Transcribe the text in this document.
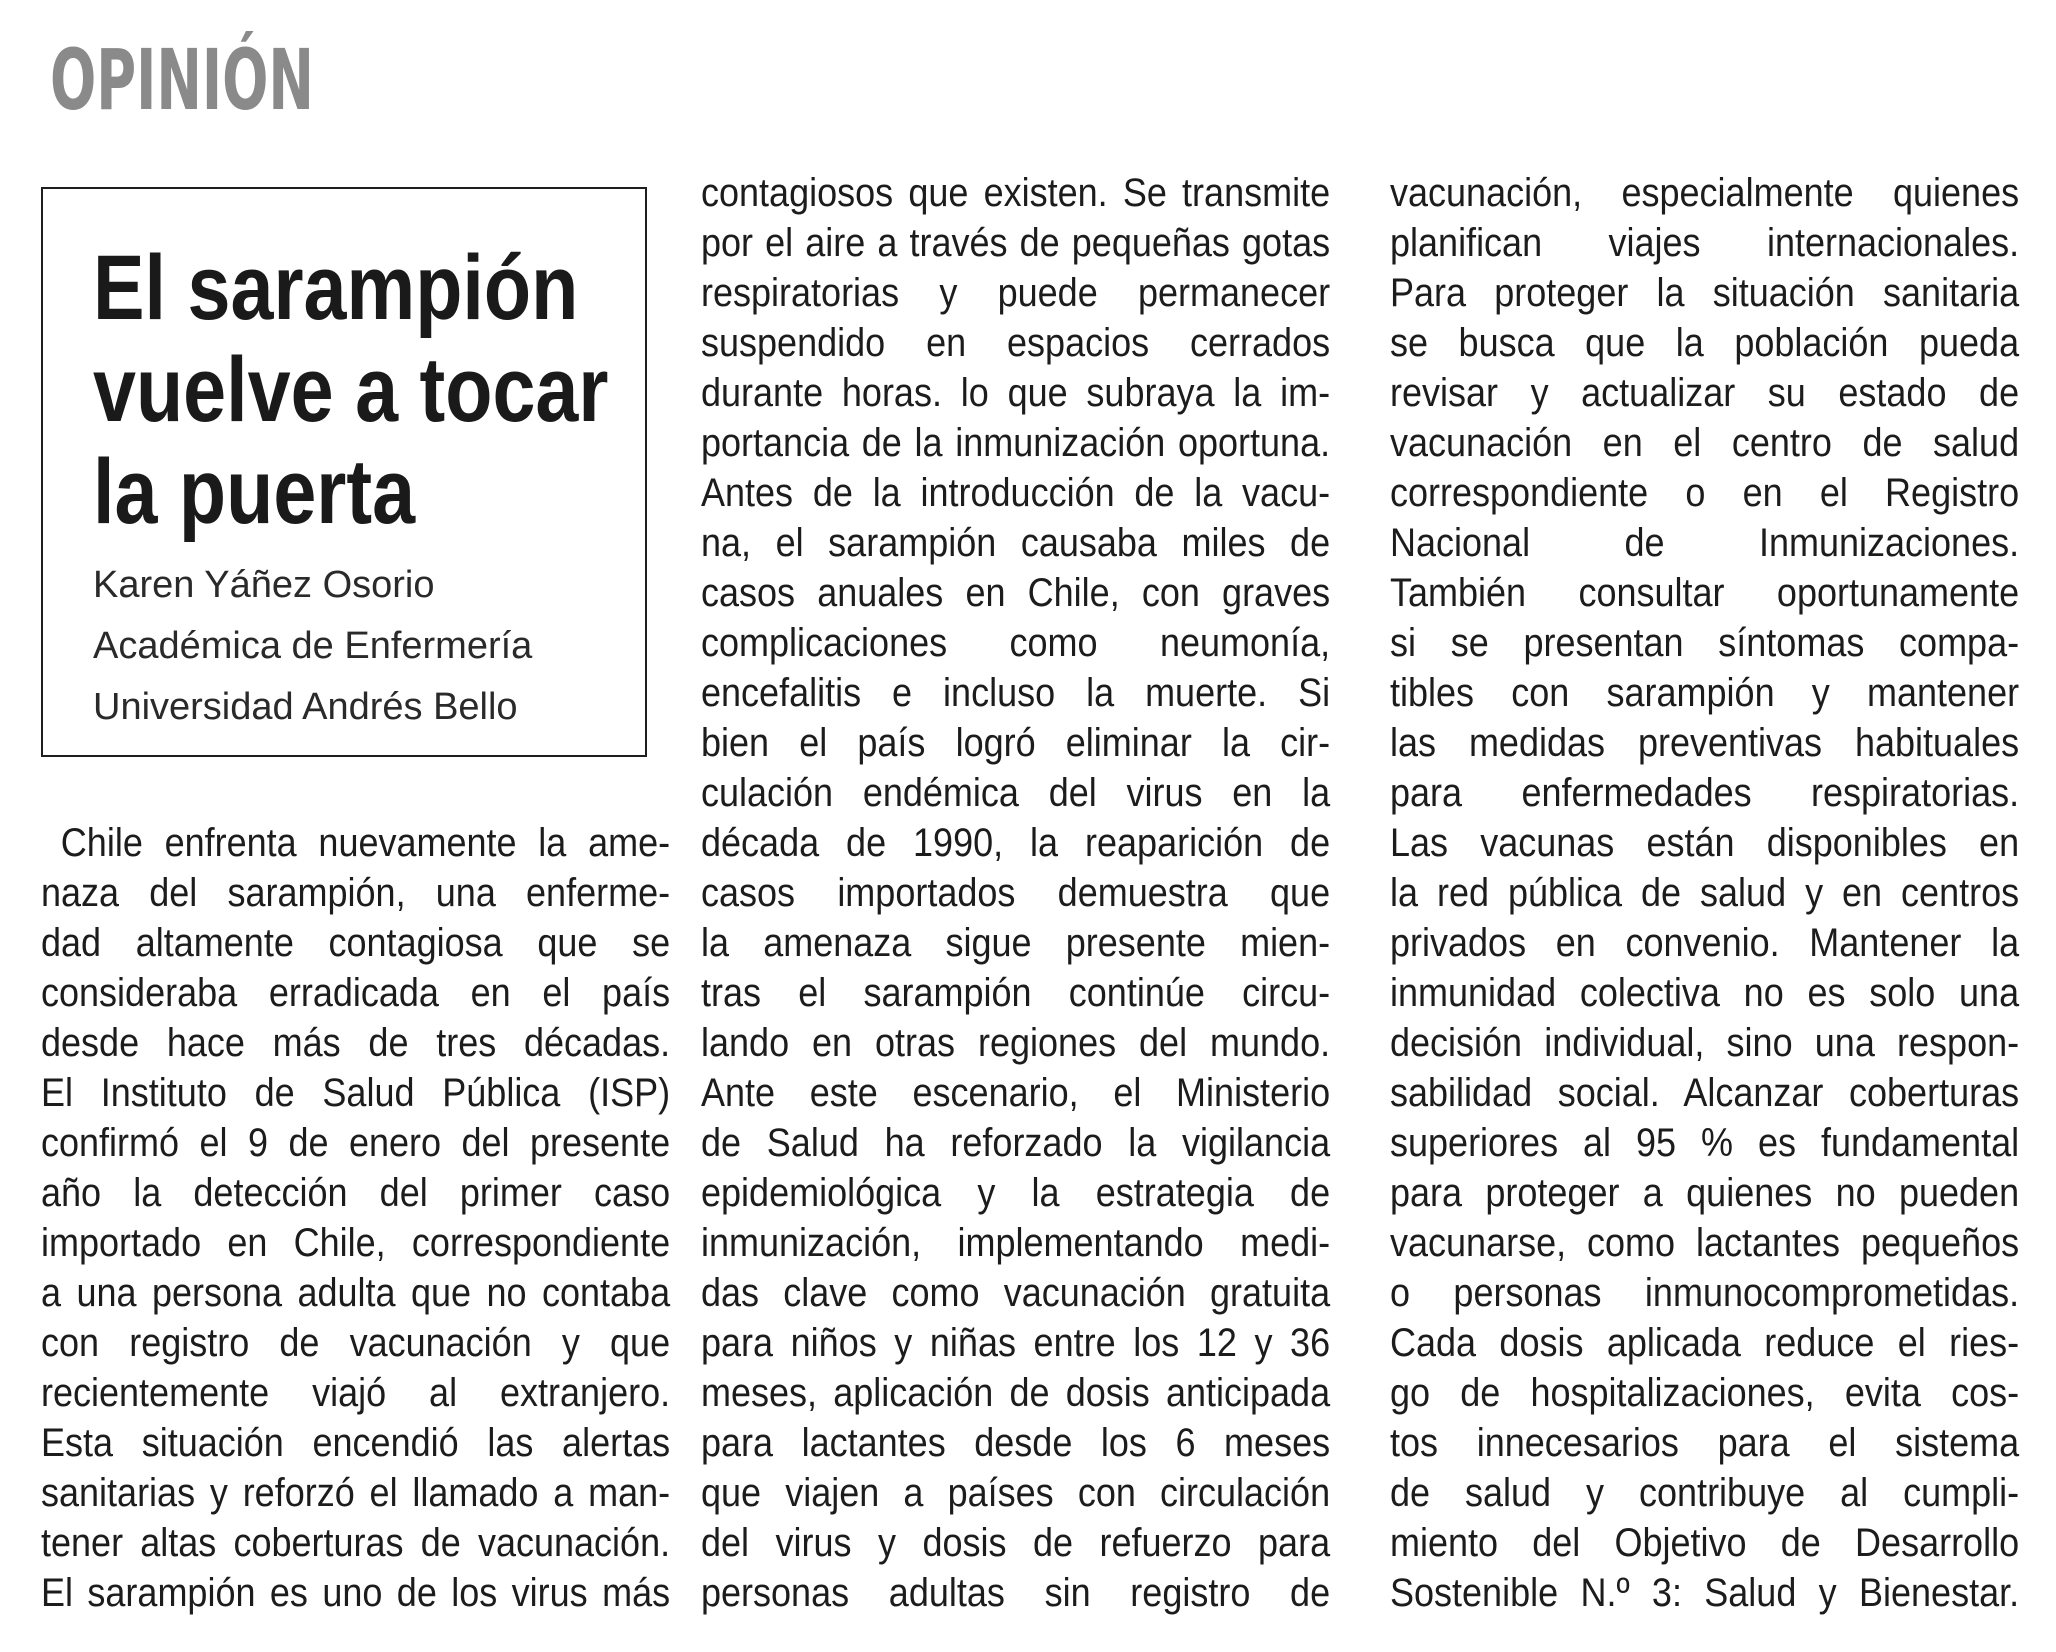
OPINIÓN
El sarampión
vuelve a tocar
la puerta
Karen Yáñez Osorio
Académica de Enfermería
Universidad Andrés Bello
Chile enfrenta nuevamente la ame-
naza del sarampión, una enferme-
dad altamente contagiosa que se
consideraba erradicada en el país
desde hace más de tres décadas.
El Instituto de Salud Pública (ISP)
confirmó el 9 de enero del presente
año la detección del primer caso
importado en Chile, correspondiente
a una persona adulta que no contaba
con registro de vacunación y que
recientemente viajó al extranjero.
Esta situación encendió las alertas
sanitarias y reforzó el llamado a man-
tener altas coberturas de vacunación.
El sarampión es uno de los virus más
contagiosos que existen. Se transmite
por el aire a través de pequeñas gotas
respiratorias y puede permanecer
suspendido en espacios cerrados
durante horas. lo que subraya la im-
portancia de la inmunización oportuna.
Antes de la introducción de la vacu-
na, el sarampión causaba miles de
casos anuales en Chile, con graves
complicaciones como neumonía,
encefalitis e incluso la muerte. Si
bien el país logró eliminar la cir-
culación endémica del virus en la
década de 1990, la reaparición de
casos importados demuestra que
la amenaza sigue presente mien-
tras el sarampión continúe circu-
lando en otras regiones del mundo.
Ante este escenario, el Ministerio
de Salud ha reforzado la vigilancia
epidemiológica y la estrategia de
inmunización, implementando medi-
das clave como vacunación gratuita
para niños y niñas entre los 12 y 36
meses, aplicación de dosis anticipada
para lactantes desde los 6 meses
que viajen a países con circulación
del virus y dosis de refuerzo para
personas adultas sin registro de
vacunación, especialmente quienes
planifican viajes internacionales.
Para proteger la situación sanitaria
se busca que la población pueda
revisar y actualizar su estado de
vacunación en el centro de salud
correspondiente o en el Registro
Nacional de Inmunizaciones.
También consultar oportunamente
si se presentan síntomas compa-
tibles con sarampión y mantener
las medidas preventivas habituales
para enfermedades respiratorias.
Las vacunas están disponibles en
la red pública de salud y en centros
privados en convenio. Mantener la
inmunidad colectiva no es solo una
decisión individual, sino una respon-
sabilidad social. Alcanzar coberturas
superiores al 95 % es fundamental
para proteger a quienes no pueden
vacunarse, como lactantes pequeños
o personas inmunocomprometidas.
Cada dosis aplicada reduce el ries-
go de hospitalizaciones, evita cos-
tos innecesarios para el sistema
de salud y contribuye al cumpli-
miento del Objetivo de Desarrollo
Sostenible N.º 3: Salud y Bienestar.
